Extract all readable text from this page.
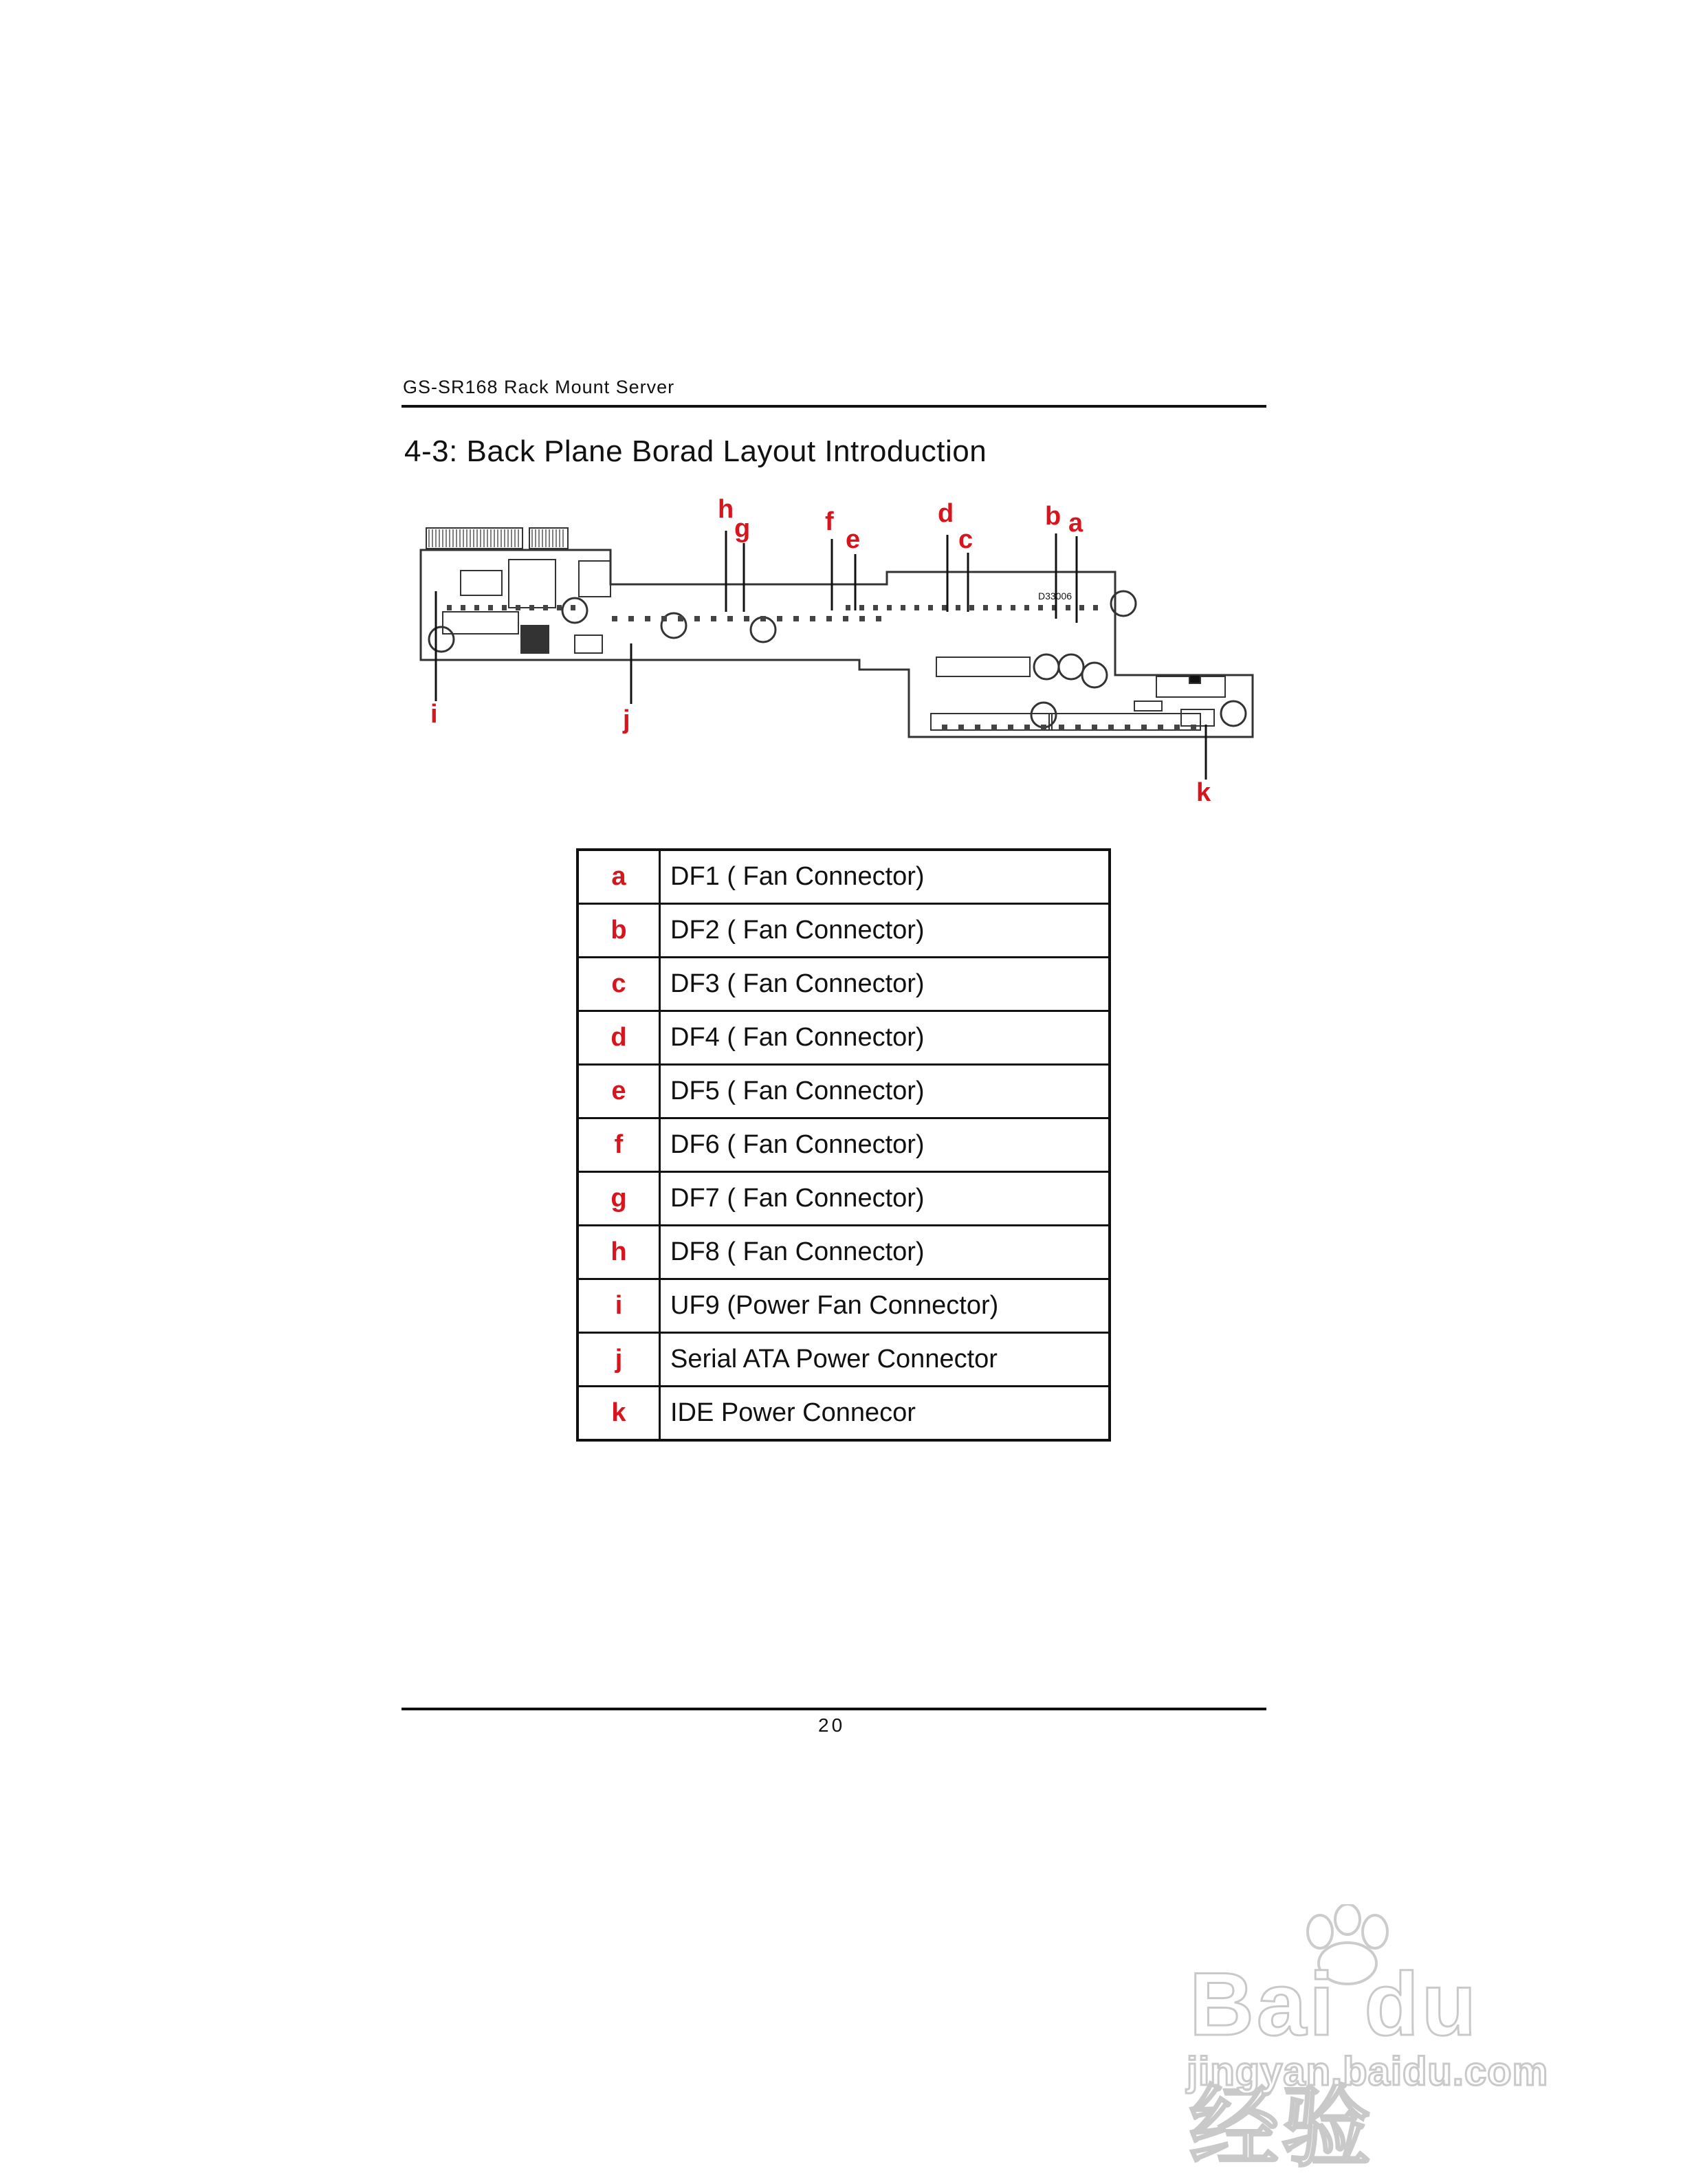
GS-SR168 Rack Mount Server
4-3: Back Plane Borad Layout Introduction
D33006
a
b
c
d
e
f
g
h
i	j
k
a	DF1 ( Fan Connector)
b	DF2 ( Fan Connector)
c	DF3 ( Fan Connector)
d	DF4 ( Fan Connector)
e	DF5 ( Fan Connector)
f	DF6 ( Fan Connector)
g	DF7 ( Fan Connector)
h	DF8 ( Fan Connector)
i	UF9 (Power Fan Connector)
j	Serial ATA Power Connector
k	IDE Power Connecor
20
Bai du 经验
jingyan.baidu.com
